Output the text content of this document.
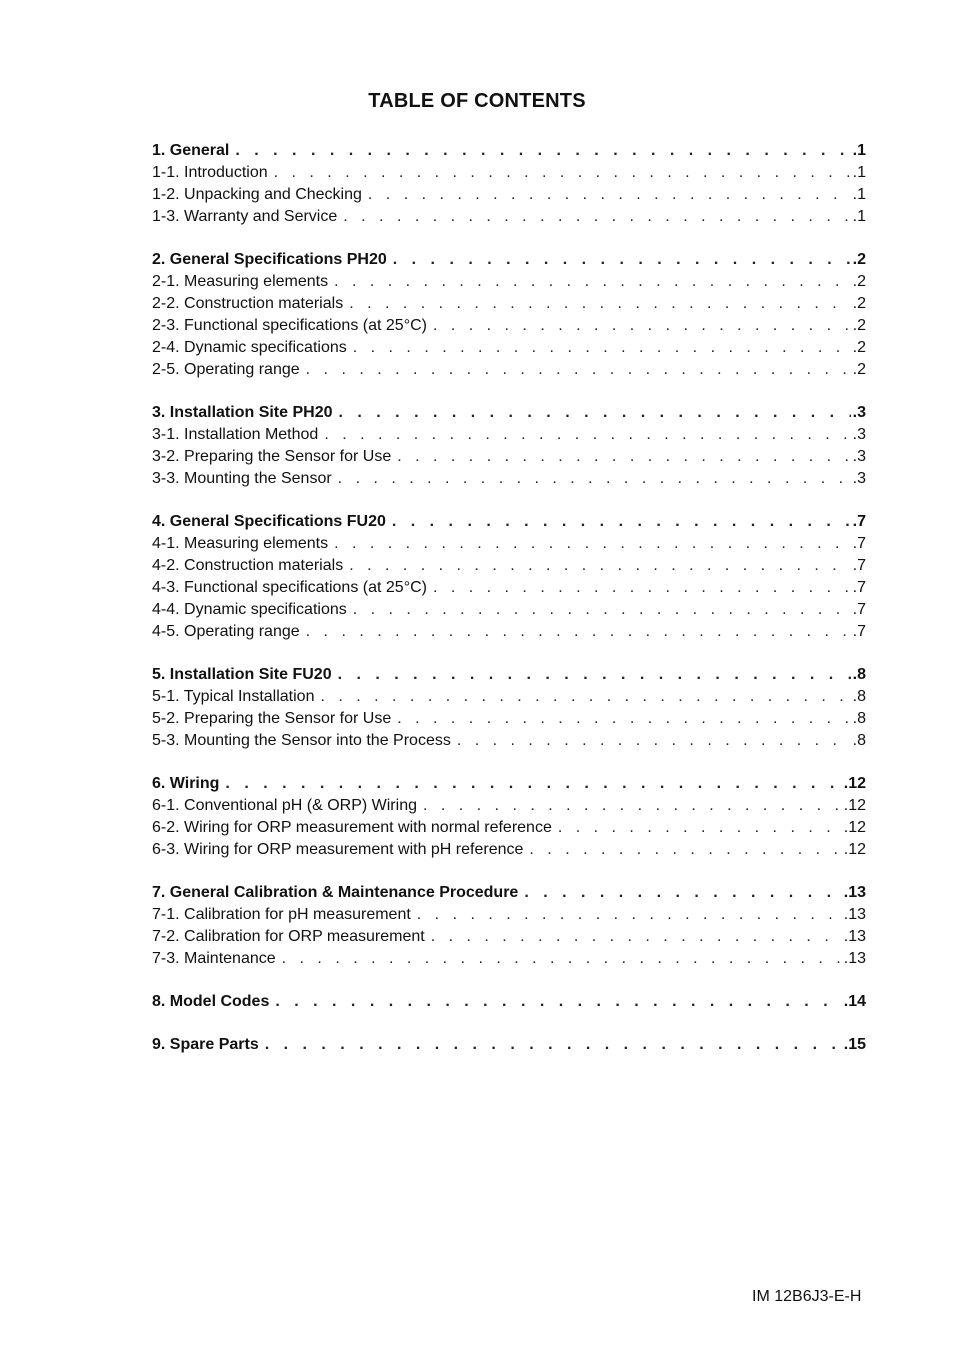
TABLE OF CONTENTS
1. General . . .	.1
1-1. Introduction . . .	.1
1-2. Unpacking and Checking . . .	.1
1-3. Warranty and Service . . .	.1
2. General Specifications PH20 . . .	.2
2-1. Measuring elements . . .	.2
2-2. Construction materials . . .	.2
2-3. Functional specifications (at 25°C) . . .	.2
2-4. Dynamic specifications . . .	.2
2-5. Operating range . . .	.2
3. Installation Site PH20 . . .	.3
3-1. Installation Method . . .	.3
3-2. Preparing the Sensor for Use . . .	.3
3-3. Mounting the Sensor . . .	.3
4. General Specifications FU20 . . .	.7
4-1. Measuring elements . . .	.7
4-2. Construction materials . . .	.7
4-3. Functional specifications (at 25°C) . . .	.7
4-4. Dynamic specifications . . .	.7
4-5. Operating range . . .	.7
5. Installation Site FU20 . . .	.8
5-1. Typical Installation . . .	.8
5-2. Preparing the Sensor for Use . . .	.8
5-3. Mounting the Sensor into the Process . . .	.8
6. Wiring . . .	.12
6-1. Conventional pH (& ORP) Wiring . . .	.12
6-2. Wiring for ORP measurement with normal reference . . .	.12
6-3. Wiring for ORP measurement with pH reference . . .	.12
7. General Calibration & Maintenance Procedure . . .	.13
7-1. Calibration for pH measurement . . .	.13
7-2. Calibration for ORP measurement . . .	.13
7-3. Maintenance . . .	.13
8. Model Codes . . .	.14
9. Spare Parts . . .	.15
IM 12B6J3-E-H
